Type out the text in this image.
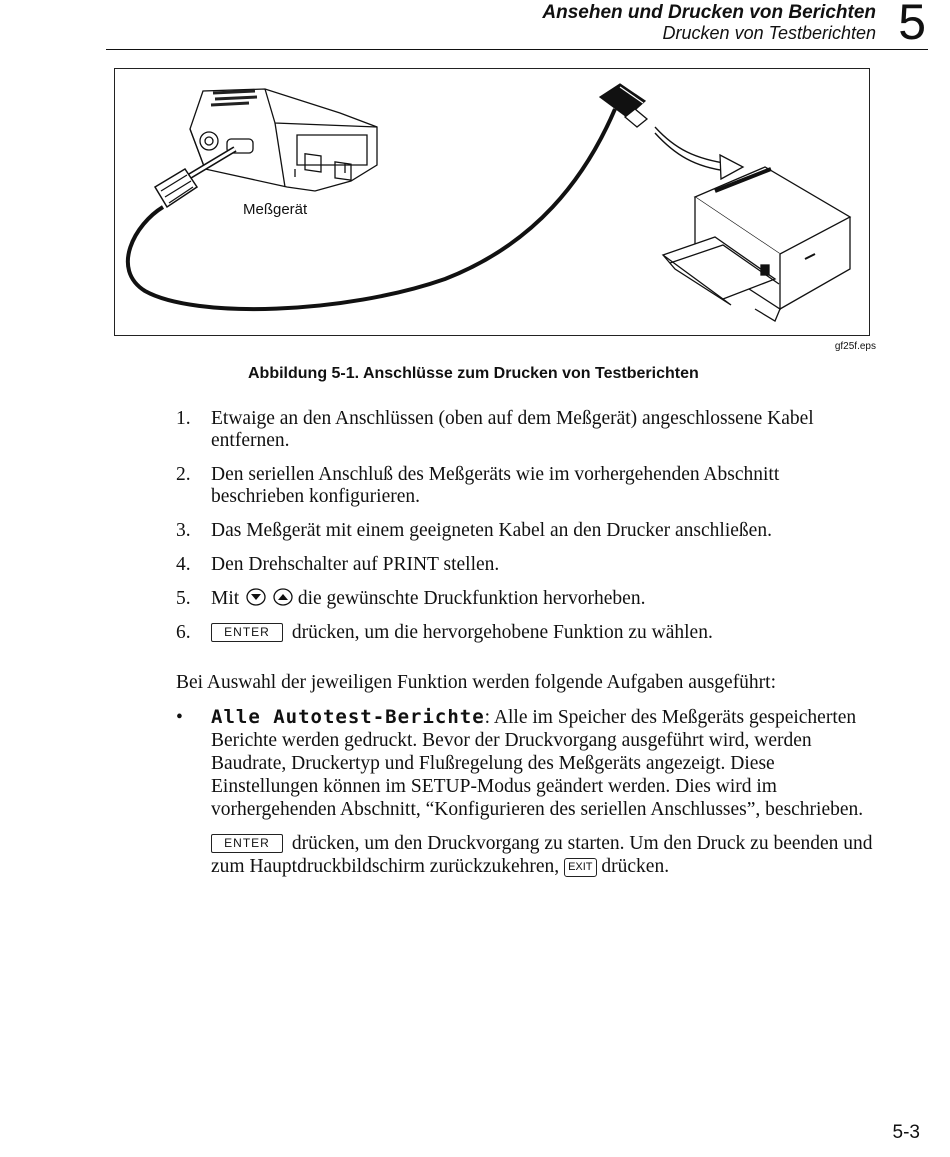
Ansehen und Drucken von Berichten
Drucken von Testberichten 5
Meßgerät
gf25f.eps
Abbildung 5-1. Anschlüsse zum Drucken von Testberichten
1. Etwaige an den Anschlüssen (oben auf dem Meßgerät) angeschlossene Kabel entfernen.
2. Den seriellen Anschluß des Meßgeräts wie im vorhergehenden Abschnitt beschrieben konfigurieren.
3. Das Meßgerät mit einem geeigneten Kabel an den Drucker anschließen.
4. Den Drehschalter auf PRINT stellen.
5. Mit	die gewünschte Druckfunktion hervorheben.
6.	ENTER drücken, um die hervorgehobene Funktion zu wählen.
Bei Auswahl der jeweiligen Funktion werden folgende Aufgaben ausgeführt:
•	Alle Autotest-Berichte: Alle im Speicher des Meßgeräts gespeicherten Berichte werden gedruckt. Bevor der Druckvorgang ausgeführt wird, werden Baudrate, Druckertyp und Flußregelung des Meßgeräts angezeigt. Diese Einstellungen können im SETUP-Modus geändert werden. Dies wird im vorhergehenden Abschnitt, “Konfigurieren des seriellen Anschlusses”, beschrieben.
ENTER drücken, um den Druckvorgang zu starten. Um den Druck zu beenden und zum Hauptdruckbildschirm zurückzukehren, EXIT drücken.
5-3
